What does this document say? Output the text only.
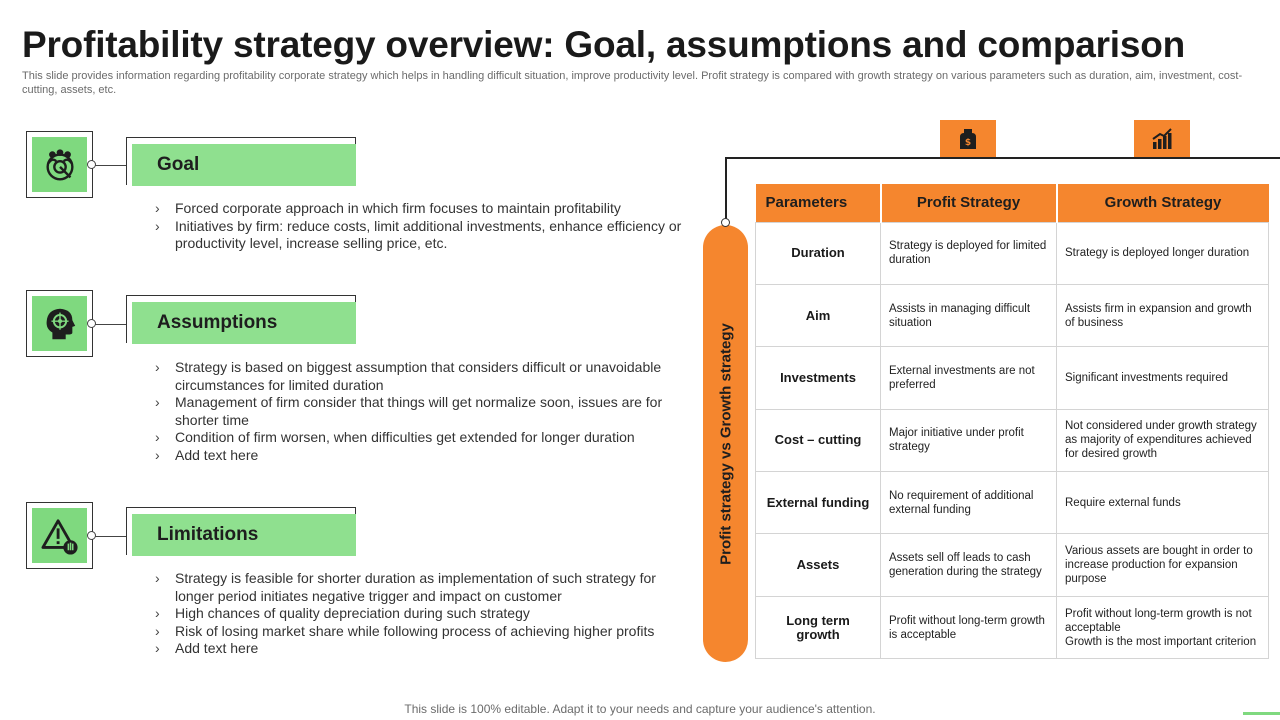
Profitability strategy overview: Goal, assumptions and comparison
This slide provides information regarding profitability corporate strategy which helps in handling difficult situation, improve productivity level. Profit strategy is compared with growth strategy on various parameters such as duration, aim, investment, cost- cutting, assets, etc.
Goal
› Forced corporate approach in which firm focuses to maintain profitability
› Initiatives by firm: reduce costs, limit additional investments, enhance efficiency or productivity level, increase selling price, etc.
Assumptions
› Strategy is based on biggest assumption that considers difficult or unavoidable circumstances for limited duration
› Management of firm consider that things will get normalize soon, issues are for shorter time
› Condition of firm worsen, when difficulties get extended for longer duration
› Add text here
Limitations
› Strategy is feasible for shorter duration as implementation of such strategy for longer period initiates negative trigger and impact on customer
› High chances of quality depreciation during such strategy
› Risk of losing market share while following process of achieving higher profits
› Add text here
$
Profit strategy vs Growth strategy
Parameters	Profit Strategy	Growth Strategy
Duration	Strategy is deployed for limited duration	Strategy is deployed longer duration
Aim	Assists in managing difficult situation	Assists firm in expansion and growth of business
Investments	External investments are not preferred	Significant investments required
Cost – cutting	Major initiative under profit strategy	Not considered under growth strategy as majority of expenditures achieved for desired growth
External funding	No requirement of additional external funding	Require external funds
Assets	Assets sell off leads to cash generation during the strategy	Various assets are bought in order to increase production for expansion purpose
Long term growth	Profit without long-term growth is acceptable	Profit without long-term growth is not acceptable
Growth is the most important criterion
This slide is 100% editable. Adapt it to your needs and capture your audience's attention.
